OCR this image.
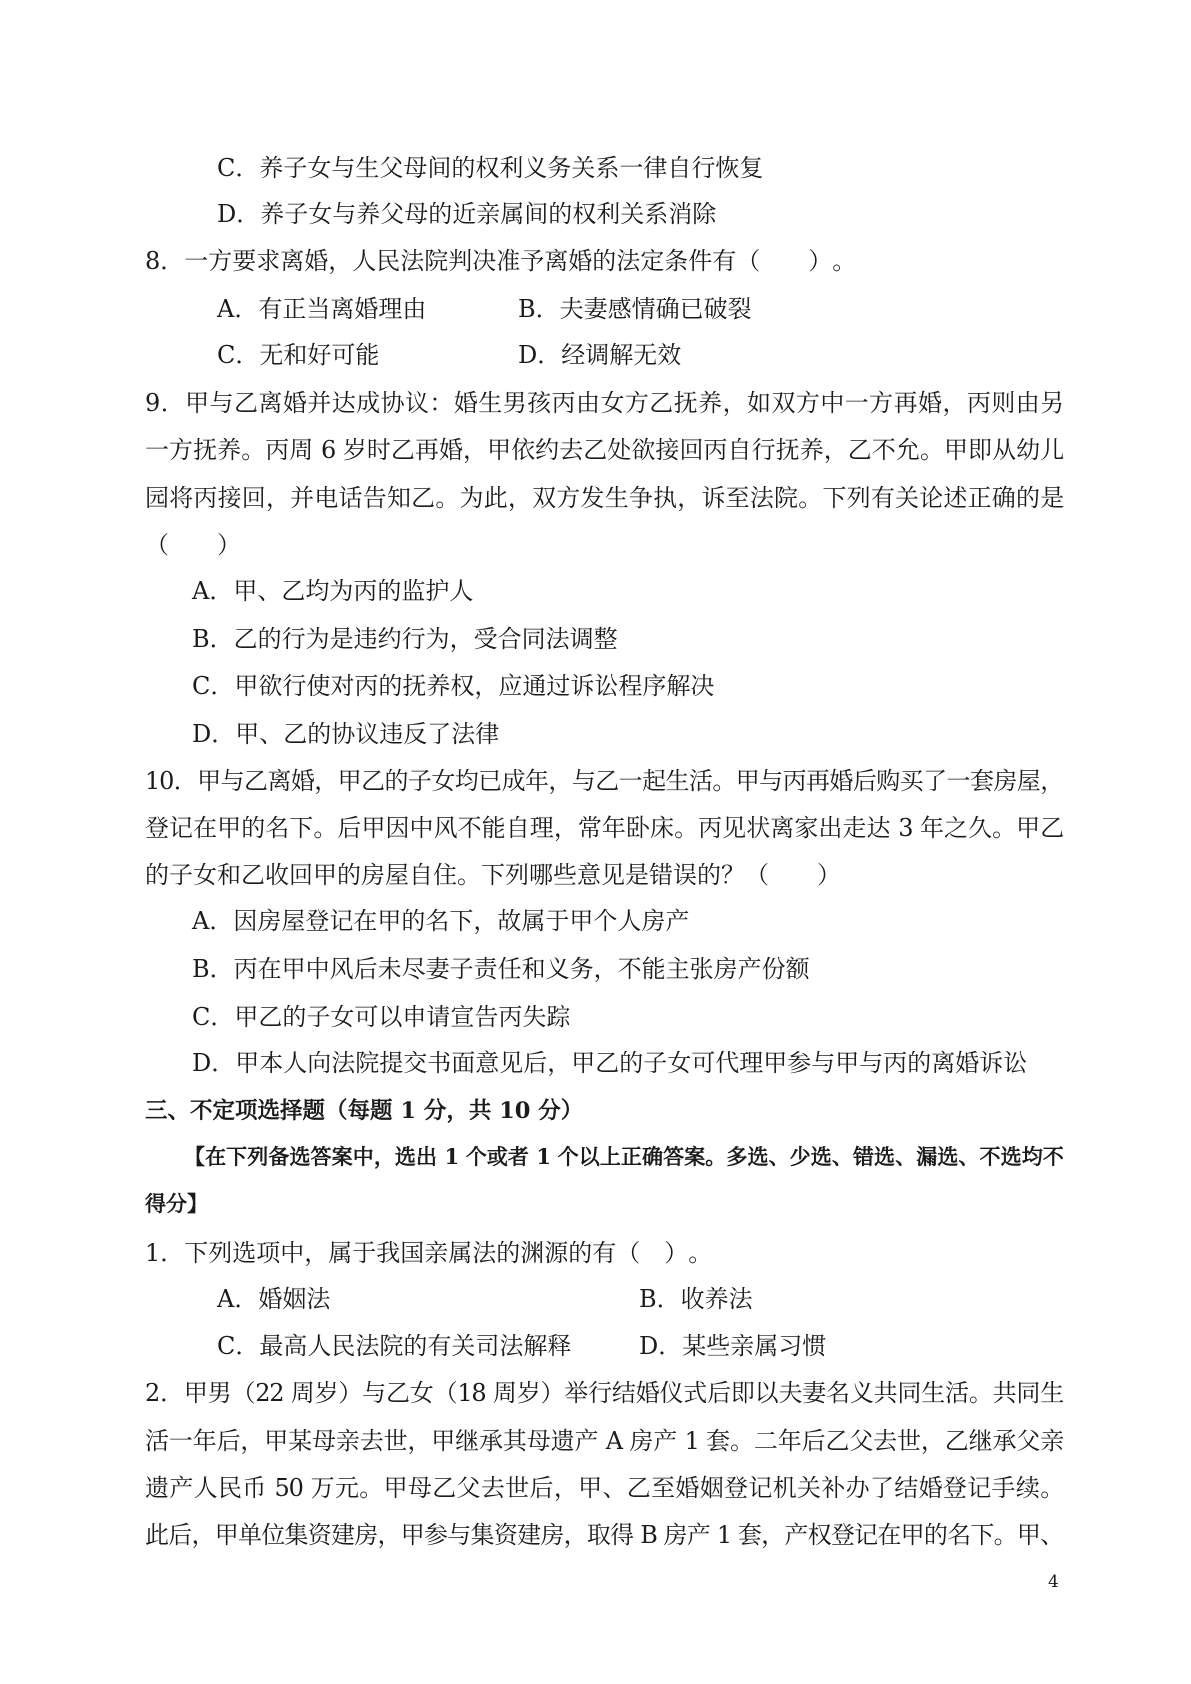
C．养子女与生父母间的权利义务关系一律自行恢复
D．养子女与养父母的近亲属间的权利关系消除
8．一方要求离婚，人民法院判决准予离婚的法定条件有（　　）。
A．有正当离婚理由	B．夫妻感情确已破裂
C．无和好可能	D．经调解无效
9．甲与乙离婚并达成协议：婚生男孩丙由女方乙抚养，如双方中一方再婚，丙则由另
一方抚养。丙周 6 岁时乙再婚，甲依约去乙处欲接回丙自行抚养，乙不允。甲即从幼儿
园将丙接回，并电话告知乙。为此，双方发生争执，诉至法院。下列有关论述正确的是
（　　）
A．甲、乙均为丙的监护人
B．乙的行为是违约行为，受合同法调整
C．甲欲行使对丙的抚养权，应通过诉讼程序解决
D．甲、乙的协议违反了法律
10．甲与乙离婚，甲乙的子女均已成年，与乙一起生活。甲与丙再婚后购买了一套房屋，
登记在甲的名下。后甲因中风不能自理，常年卧床。丙见状离家出走达 3 年之久。甲乙
的子女和乙收回甲的房屋自住。下列哪些意见是错误的？（　　）
A．因房屋登记在甲的名下，故属于甲个人房产
B．丙在甲中风后未尽妻子责任和义务，不能主张房产份额
C．甲乙的子女可以申请宣告丙失踪
D．甲本人向法院提交书面意见后，甲乙的子女可代理甲参与甲与丙的离婚诉讼
三、不定项选择题（每题 1 分，共 10 分）
【在下列备选答案中，选出 1 个或者 1 个以上正确答案。多选、少选、错选、漏选、不选均不
得分】
1．下列选项中，属于我国亲属法的渊源的有（　）。
A．婚姻法	B．收养法
C．最高人民法院的有关司法解释	D．某些亲属习惯
2．甲男（22 周岁）与乙女（18 周岁）举行结婚仪式后即以夫妻名义共同生活。共同生
活一年后，甲某母亲去世，甲继承其母遗产 A 房产 1 套。二年后乙父去世，乙继承父亲
遗产人民币 50 万元。甲母乙父去世后，甲、乙至婚姻登记机关补办了结婚登记手续。
此后，甲单位集资建房，甲参与集资建房，取得 B 房产 1 套，产权登记在甲的名下。甲、
4
